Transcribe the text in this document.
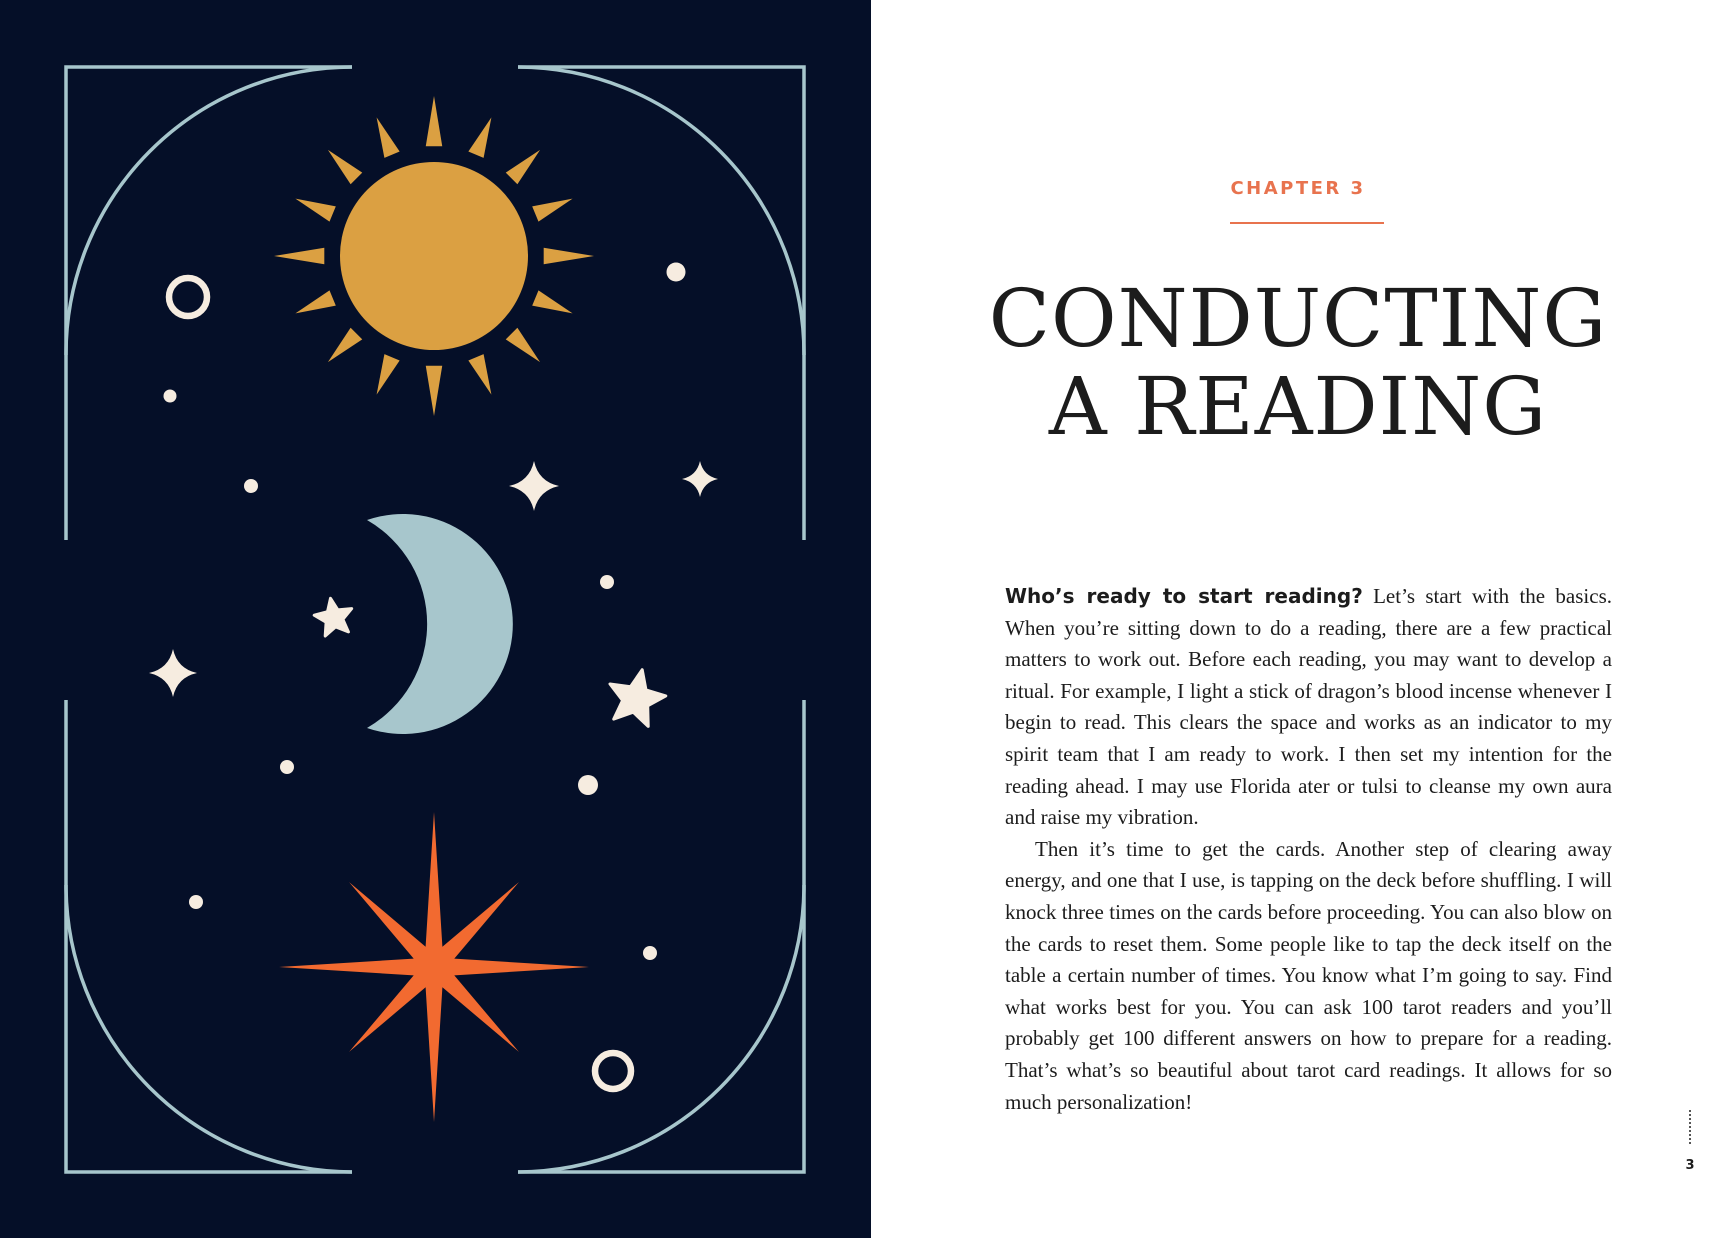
CHAPTER 3
CONDUCTING
A READING

Who’s ready to start reading? Let’s start with the basics. When you’re sitting down to do a reading, there are a few practical matters to work out. Before each reading, you may want to develop a ritual. For example, I light a stick of dragon’s blood incense whenever I begin to read. This clears the space and works as an indicator to my spirit team that I am ready to work. I then set my intention for the reading ahead. I may use Florida ater or tulsi to cleanse my own aura and raise my vibration.

Then it’s time to get the cards. Another step of clearing away energy, and one that I use, is tapping on the deck before shuffling. I will knock three times on the cards before proceeding. You can also blow on the cards to reset them. Some people like to tap the deck itself on the table a certain number of times. You know what I’m going to say. Find what works best for you. You can ask 100 tarot readers and you’ll probably get 100 different answers on how to prepare for a reading. That’s what’s so beautiful about tarot card readings. It allows for so much personalization!

3
